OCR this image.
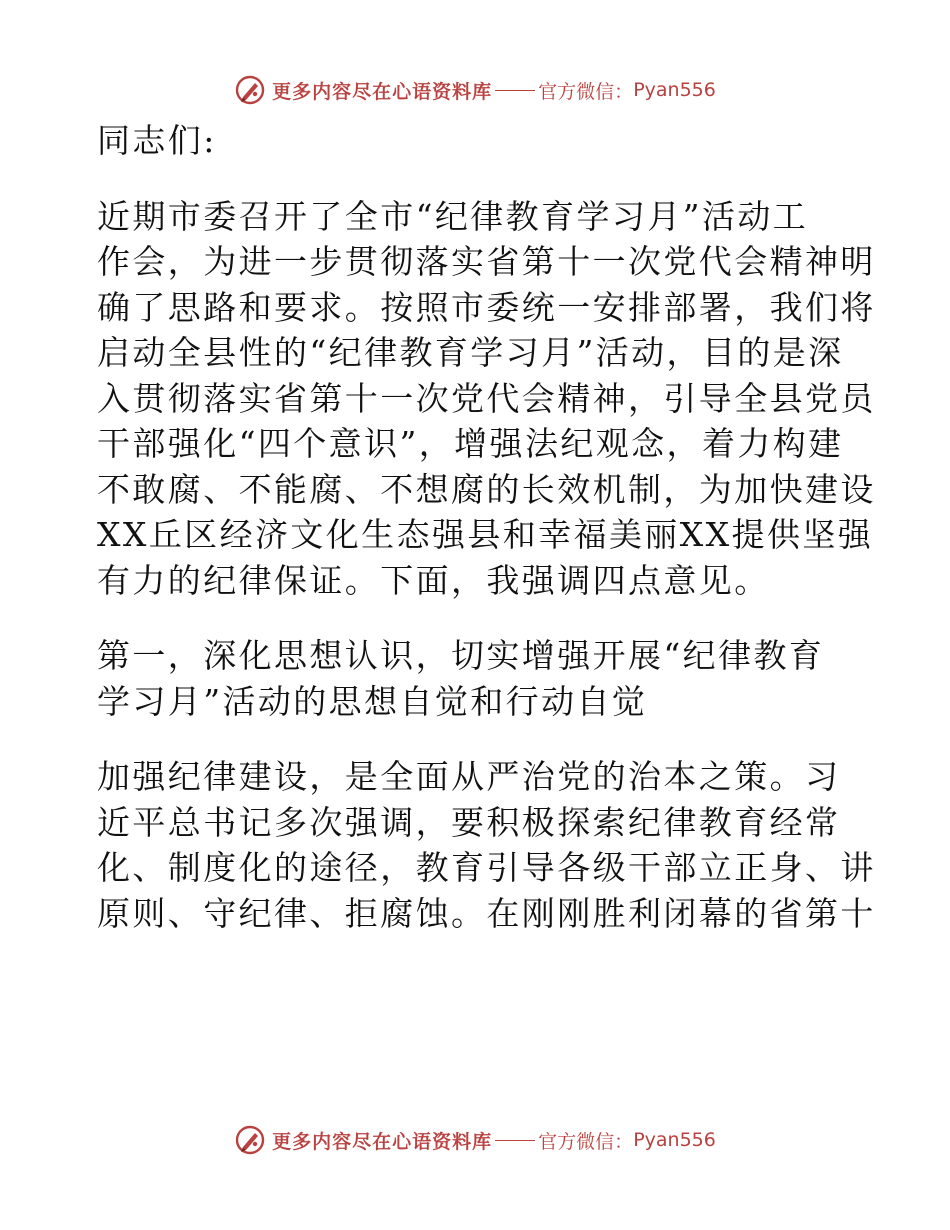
更多内容尽在心语资料库 官方微信： Pyan556

同志们:

近期市委召开了全市“纪律教育学习月”活动工
作会，为进一步贯彻落实省第十一次党代会精神明
确了思路和要求。按照市委统一安排部署，我们将
启动全县性的“纪律教育学习月”活动，目的是深
入贯彻落实省第十一次党代会精神，引导全县党员
干部强化“四个意识”，增强法纪观念，着力构建
不敢腐、不能腐、不想腐的长效机制，为加快建设
XX丘区经济文化生态强县和幸福美丽XX提供坚强
有力的纪律保证。下面，我强调四点意见。

第一，深化思想认识，切实增强开展“纪律教育
学习月”活动的思想自觉和行动自觉

加强纪律建设，是全面从严治党的治本之策。习
近平总书记多次强调，要积极探索纪律教育经常
化、制度化的途径，教育引导各级干部立正身、讲
原则、守纪律、拒腐蚀。在刚刚胜利闭幕的省第十

更多内容尽在心语资料库 官方微信： Pyan556
